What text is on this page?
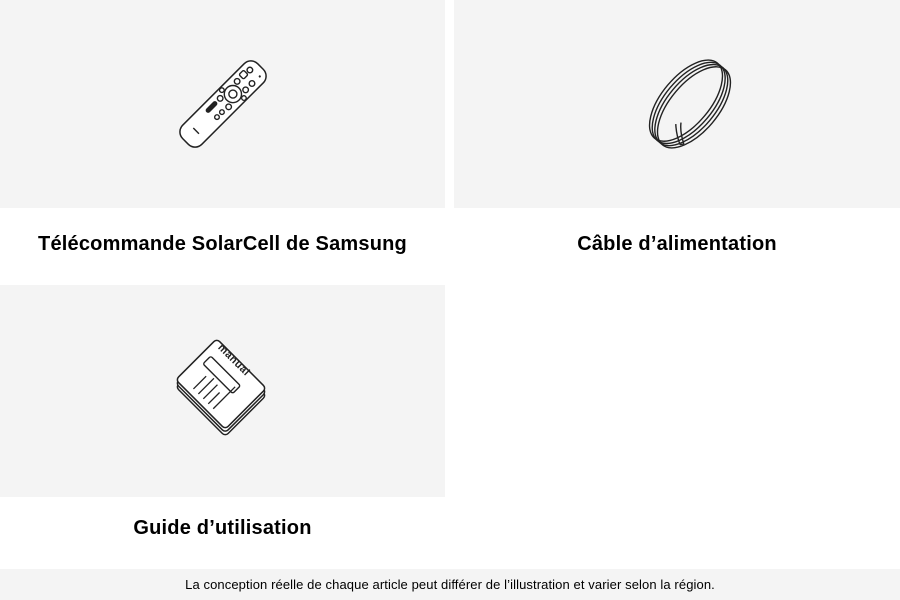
Télécommande SolarCell de Samsung	Câble d’alimentation
manual
Guide d’utilisation
La conception réelle de chaque article peut différer de l’illustration et varier selon la région.
